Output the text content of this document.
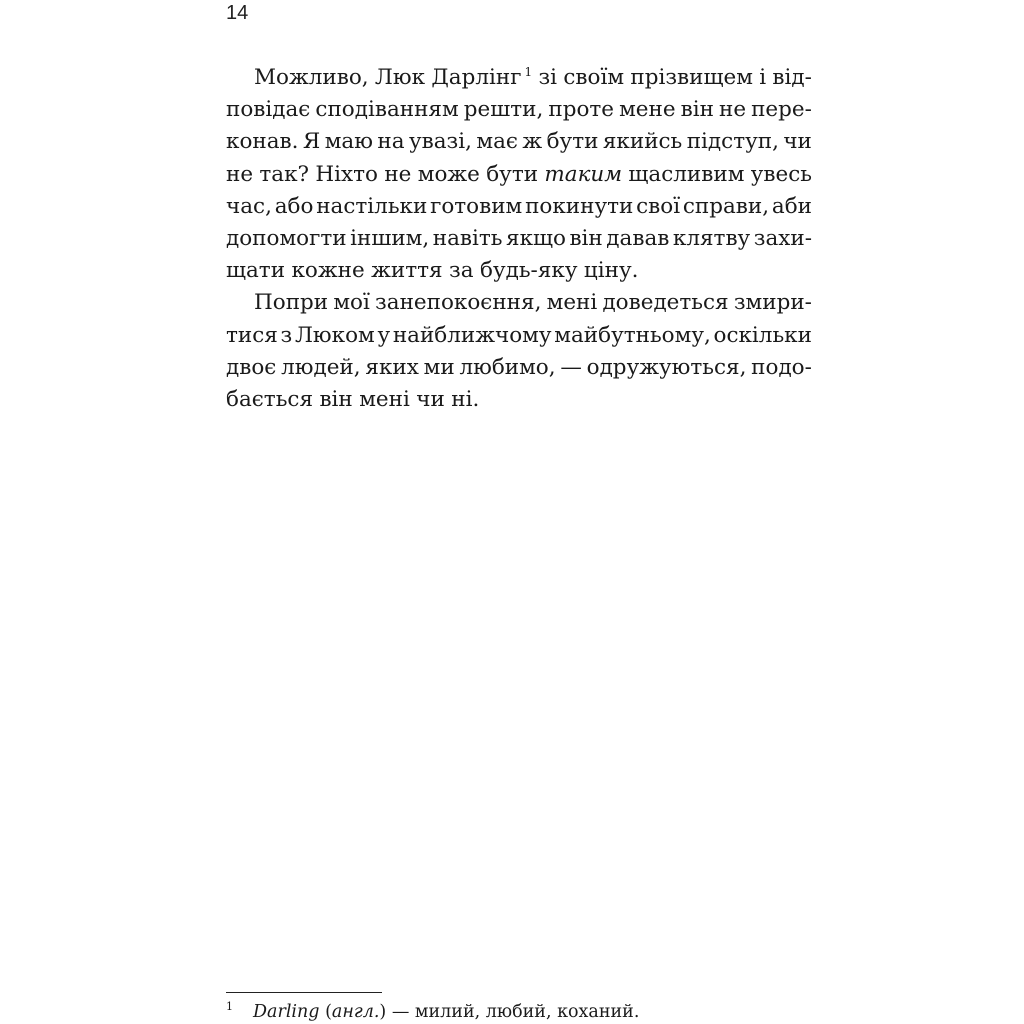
14
Можливо, Люк Дарлінг $^1$ зі своїм прізвищем і від-
повідає сподіванням решти, проте мене він не пере-
конав. Я маю на увазі, має ж бути якийсь підступ, чи
не так? Ніхто не може бути таким щасливим увесь
час, або настільки готовим покинути свої справи, аби
допомогти іншим, навіть якщо він давав клятву захи-
щати кожне життя за будь-яку ціну.
Попри мої занепокоєння, мені доведеться змири-
тися з Люком у найближчому майбутньому, оскільки
двоє людей, яких ми любимо, — одружуються, подо-
бається він мені чи ні.
1 Darling (англ.) — милий, любий, коханий.
